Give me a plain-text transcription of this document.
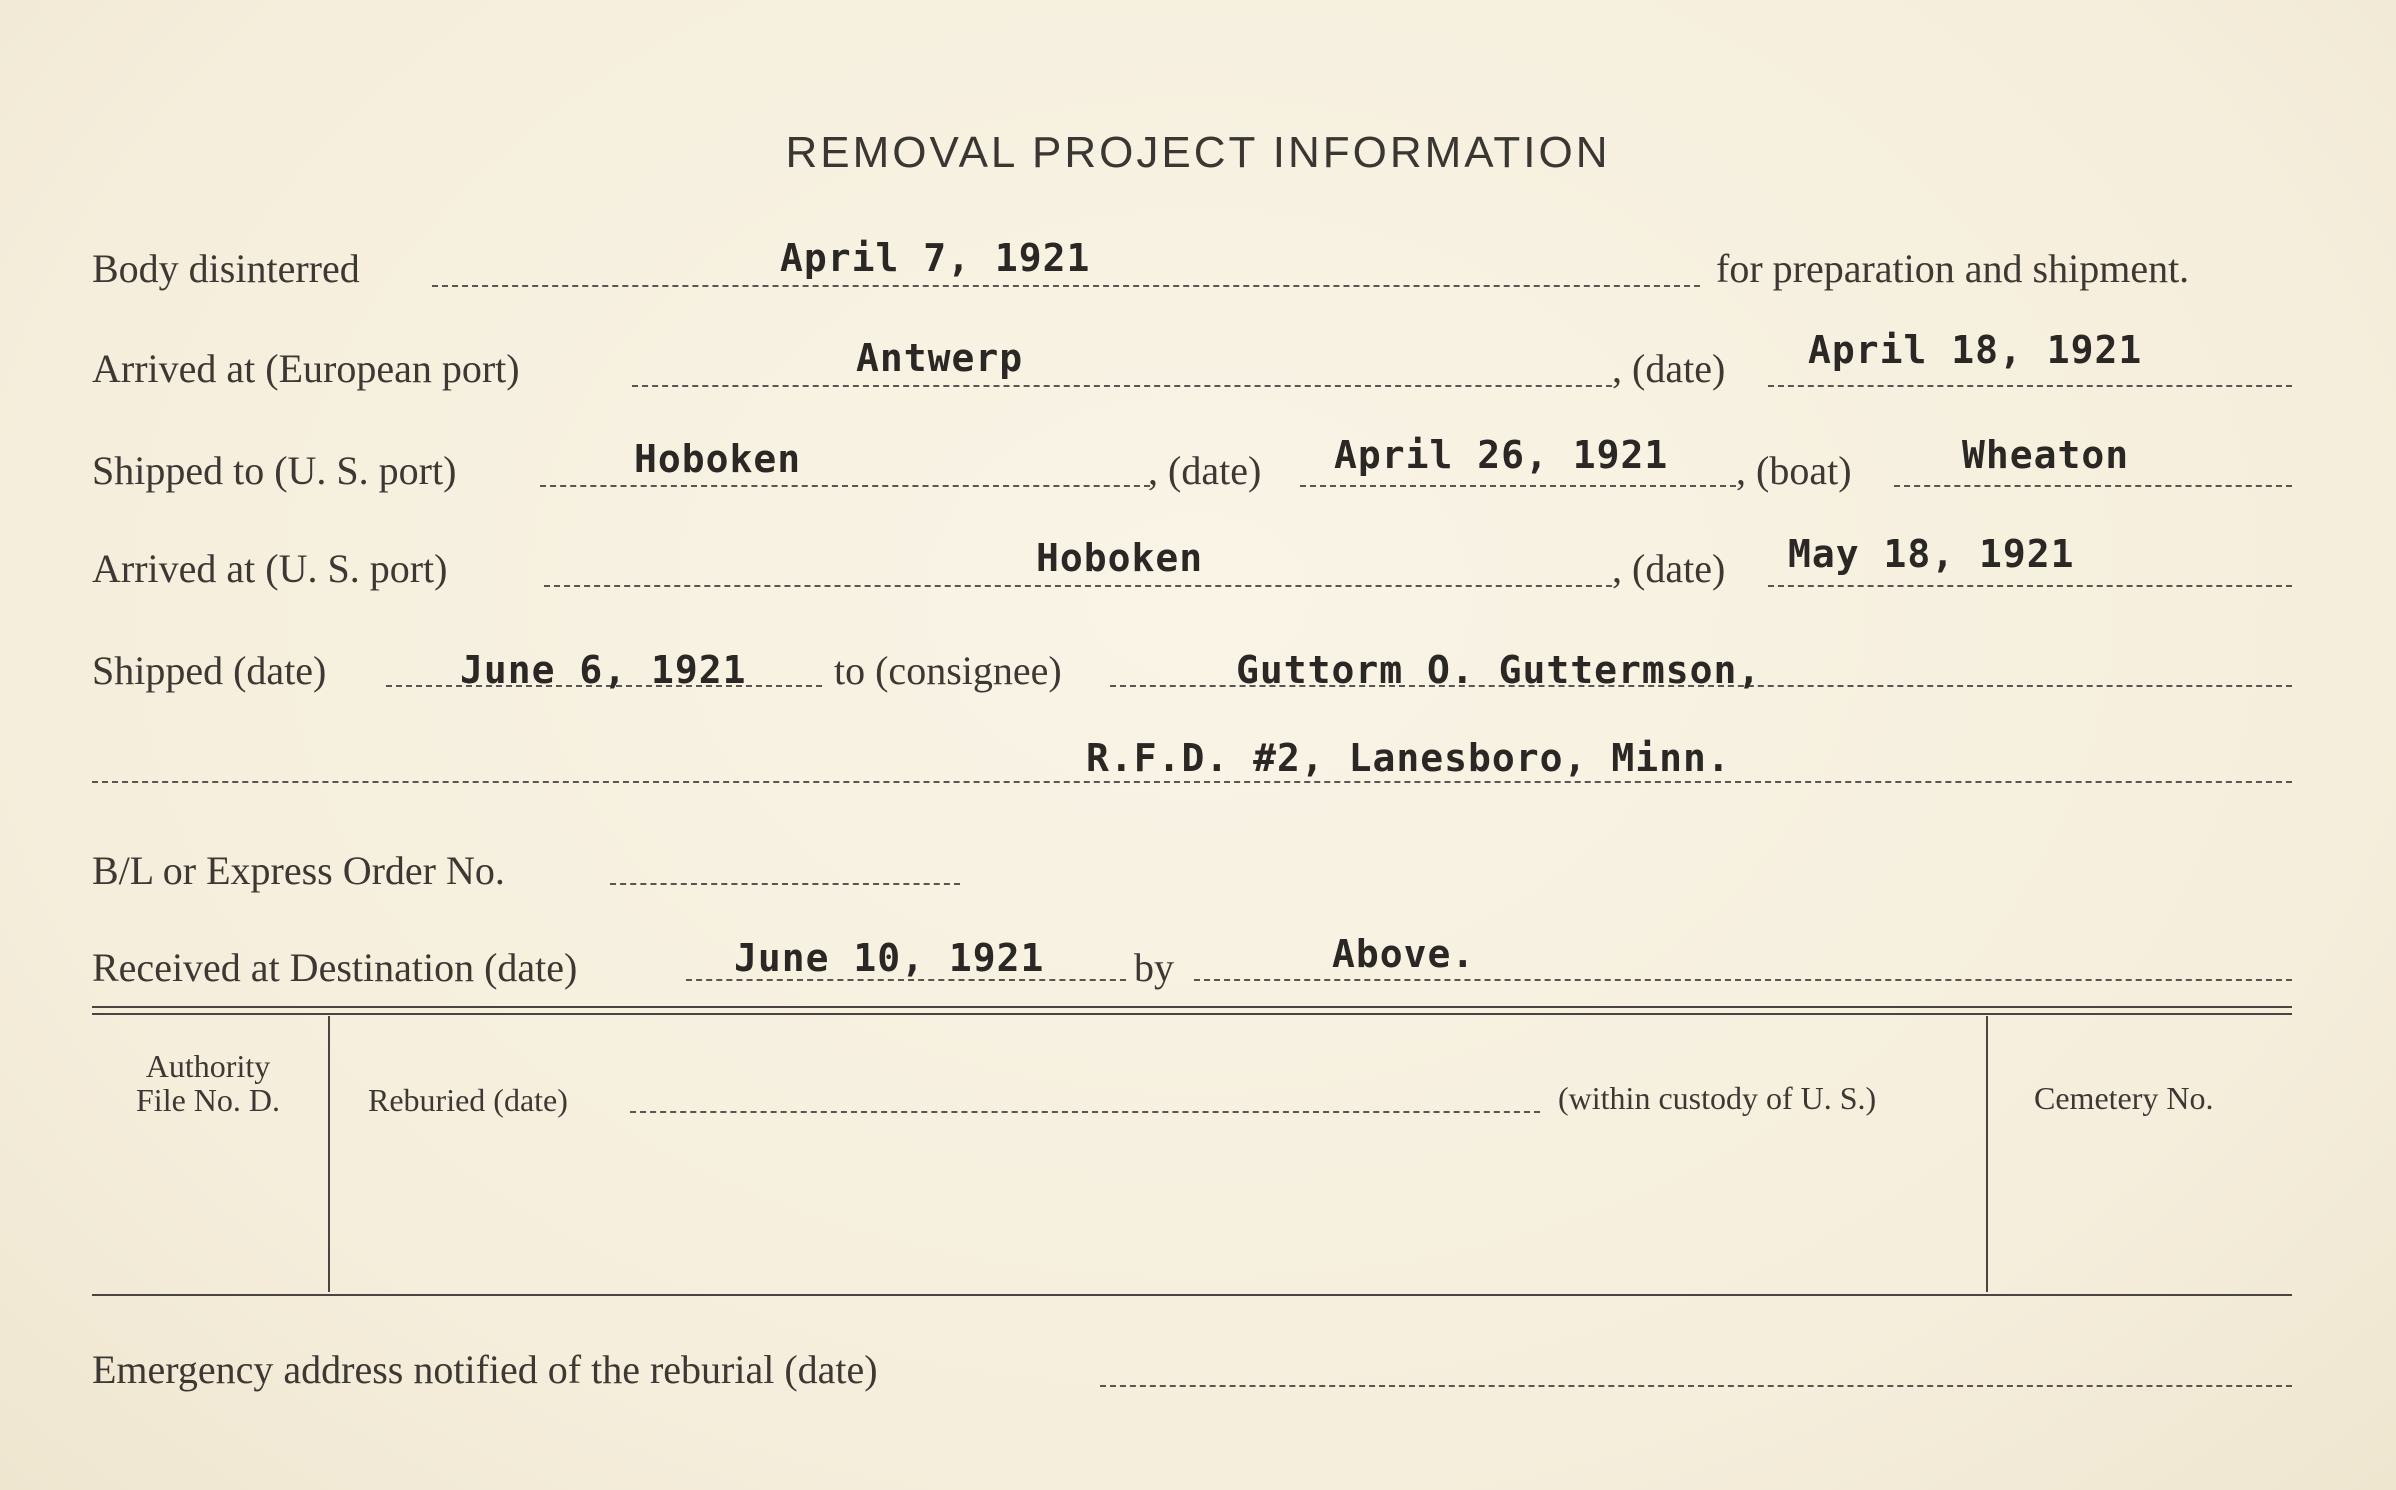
REMOVAL PROJECT INFORMATION
Body disinterred	April 7, 1921	for preparation and shipment.
Arrived at (European port)	Antwerp	, (date) April 18, 1921
Shipped to (U. S. port)	Hoboken	, (date) April 26, 1921 , (boat)	Wheaton
Arrived at (U. S. port)	Hoboken	, (date) May 18, 1921
Shipped (date)	June 6, 1921 to (consignee)	Guttorm O. Guttermson,
R.F.D. #2, Lanesboro, Minn.
B/L or Express Order No.
Received at Destination (date)	June 10, 1921 by	Above.
Authority
File No. D.	Reburied (date)	(within custody of U. S.)	Cemetery No.
Emergency address notified of the reburial (date)
